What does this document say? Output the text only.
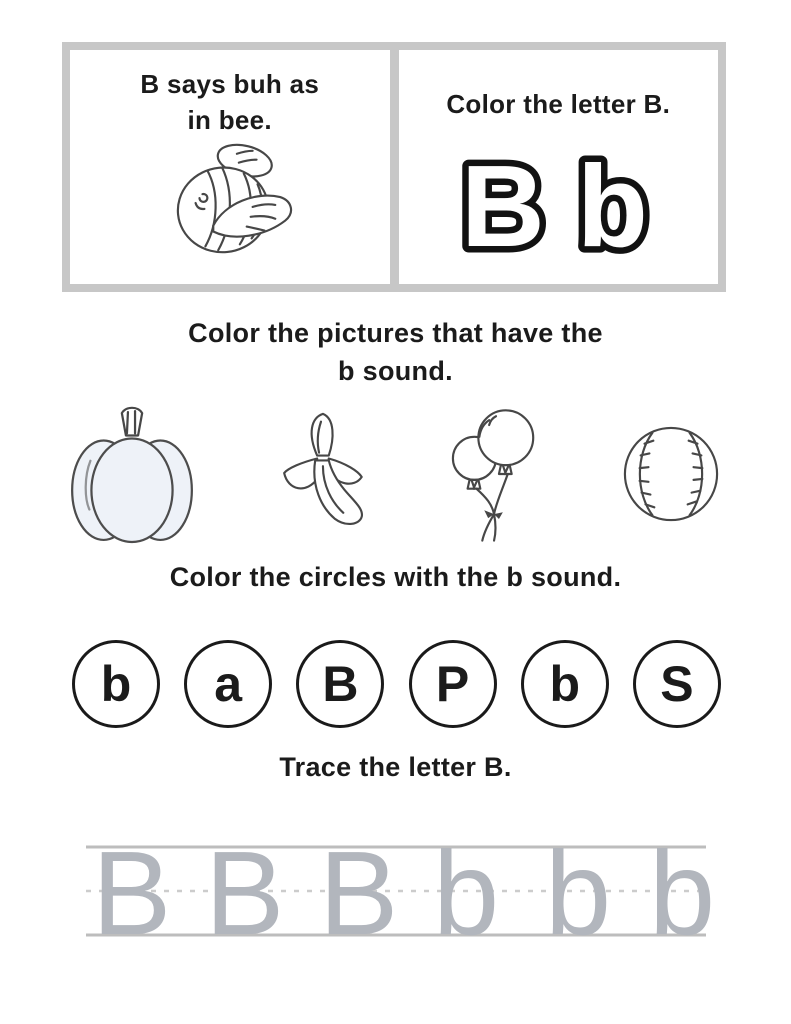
B says buh as
in bee.
Color the letter B.
B b
Color the pictures that have the
b sound.
Color the circles with the b sound.
b a B P b S
Trace the letter B.
B B B b b b
